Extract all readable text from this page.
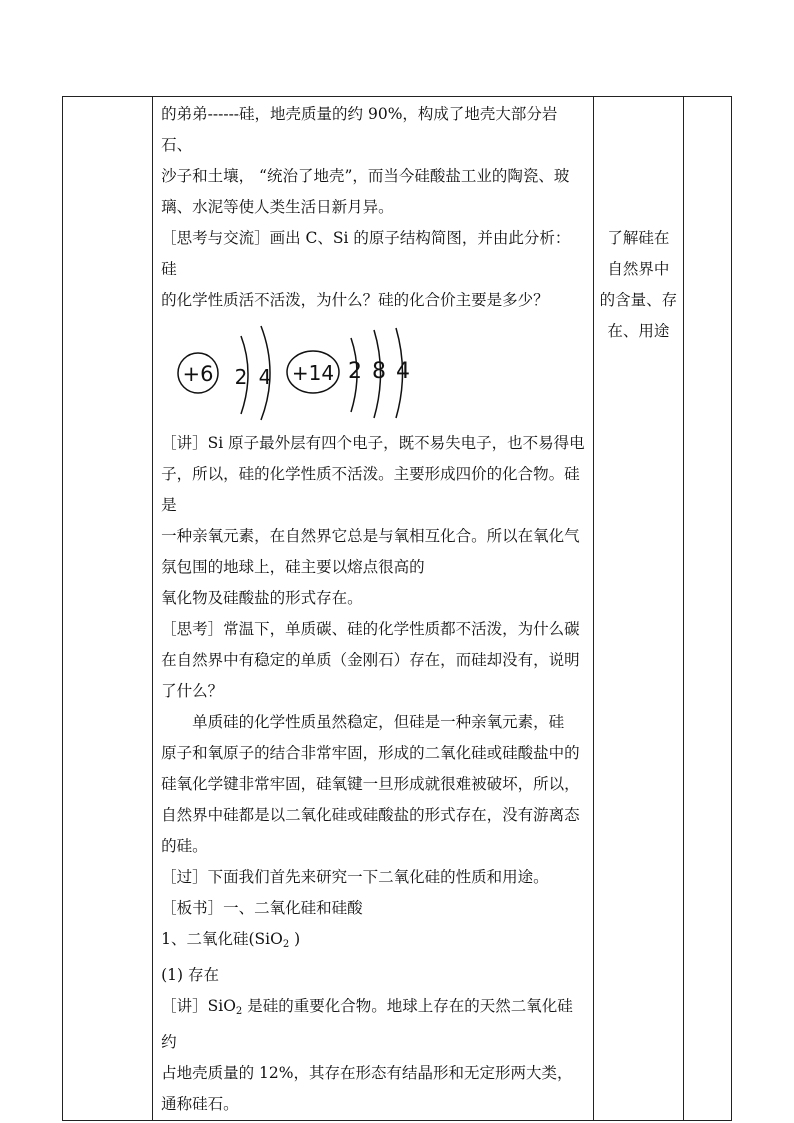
的弟弟------硅，地壳质量的约 90%，构成了地壳大部分岩石、

沙子和土壤， “统治了地壳”，而当今硅酸盐工业的陶瓷、玻

璃、水泥等使人类生活日新月异。

［思考与交流］画出 C、Si 的原子结构简图，并由此分析：硅

的化学性质活不活泼，为什么？硅的化合价主要是多少？

+6 2 4 +14 2 8 4

［讲］Si 原子最外层有四个电子，既不易失电子，也不易得电

子，所以，硅的化学性质不活泼。主要形成四价的化合物。硅是

一种亲氧元素，在自然界它总是与氧相互化合。所以在氧化气

氛包围的地球上，硅主要以熔点很高的

氧化物及硅酸盐的形式存在。

［思考］常温下，单质碳、硅的化学性质都不活泼，为什么碳

在自然界中有稳定的单质（金刚石）存在，而硅却没有，说明

了什么？

单质硅的化学性质虽然稳定，但硅是一种亲氧元素，硅

原子和氧原子的结合非常牢固，形成的二氧化硅或硅酸盐中的

硅氧化学键非常牢固，硅氧键一旦形成就很难被破坏，所以，

自然界中硅都是以二氧化硅或硅酸盐的形式存在，没有游离态

的硅。

［过］下面我们首先来研究一下二氧化硅的性质和用途。

［板书］一、二氧化硅和硅酸

1、二氧化硅(SiO$_2$ )

(1) 存在

［讲］SiO$_2$ 是硅的重要化合物。地球上存在的天然二氧化硅约

占地壳质量的 12%，其存在形态有结晶形和无定形两大类，

通称硅石。

了解硅在
自然界中
的含量、存
在、用途
